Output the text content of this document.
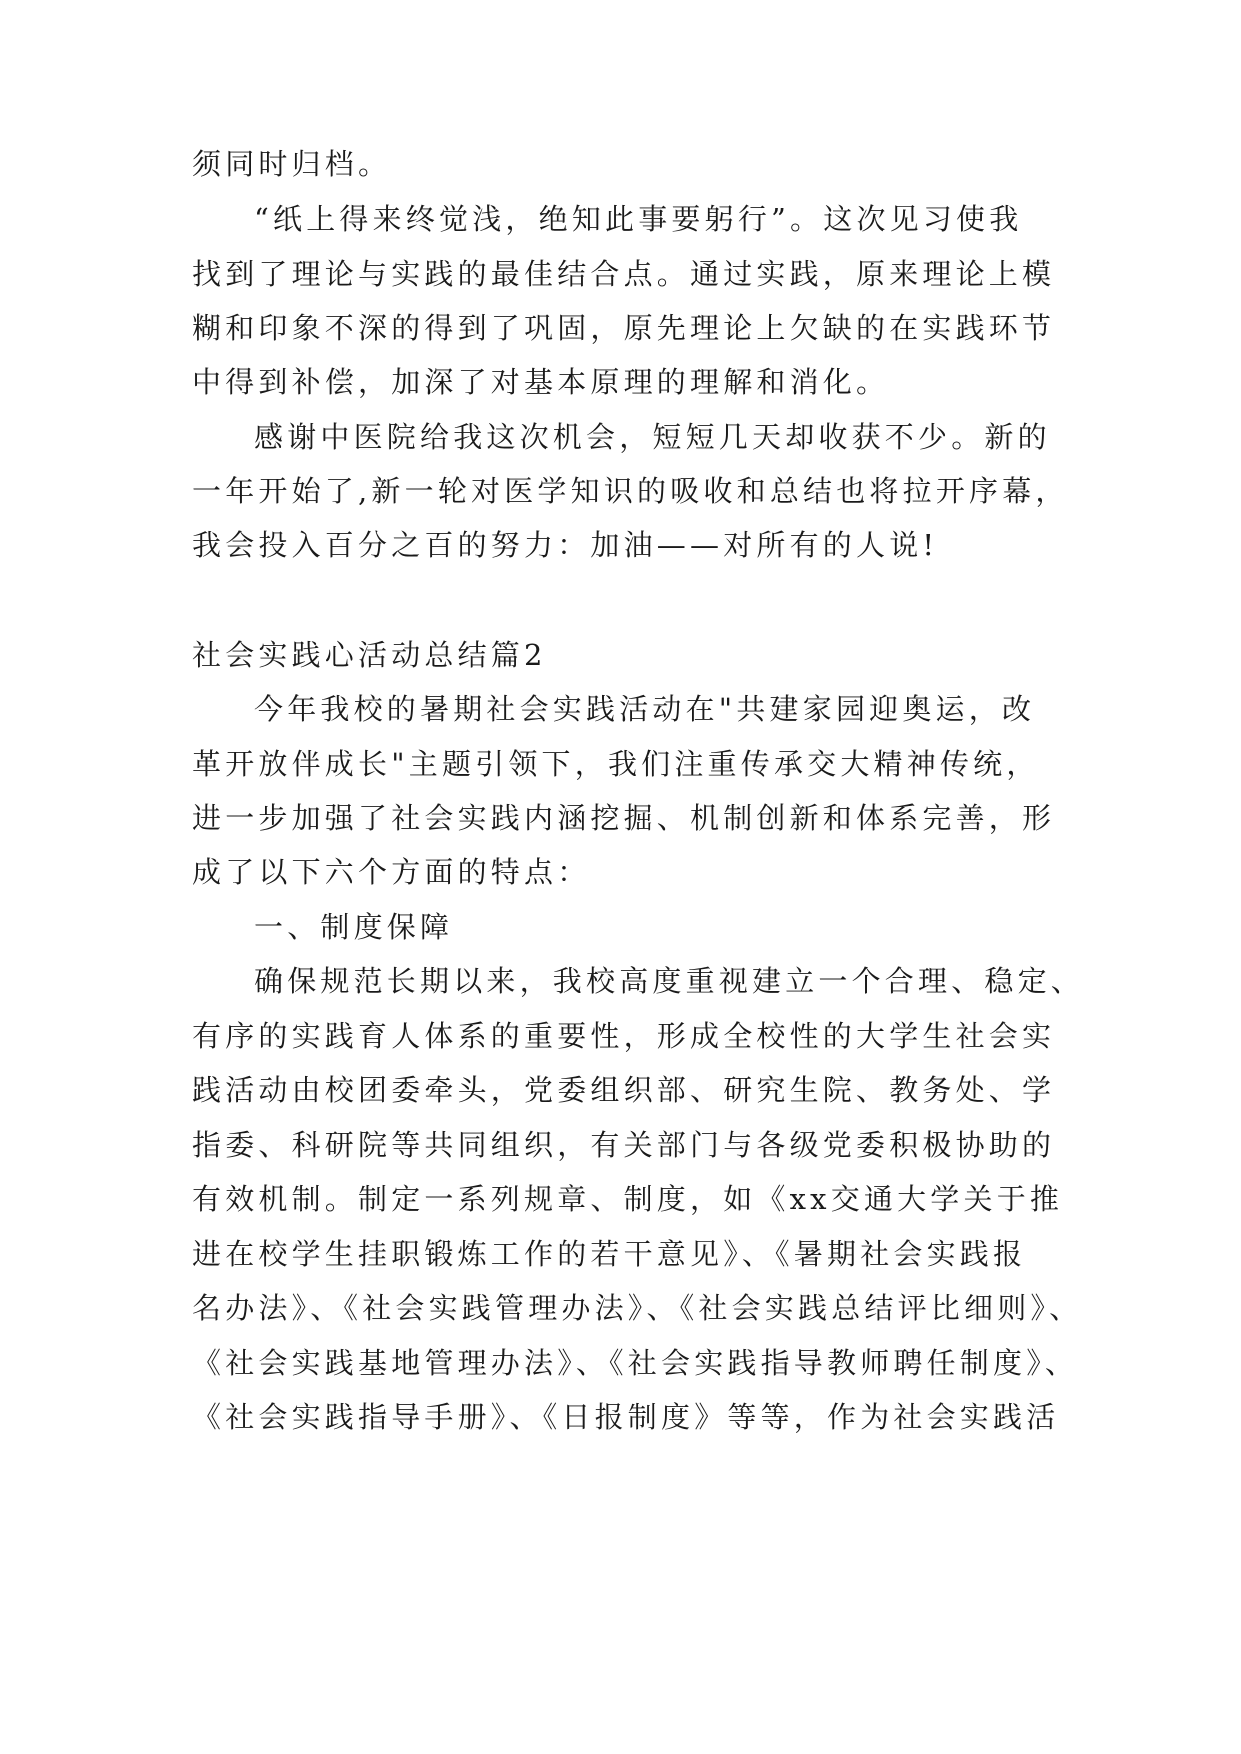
须同时归档。
“纸上得来终觉浅，绝知此事要躬行”。这次见习使我
找到了理论与实践的最佳结合点。通过实践，原来理论上模
糊和印象不深的得到了巩固，原先理论上欠缺的在实践环节
中得到补偿，加深了对基本原理的理解和消化。
感谢中医院给我这次机会，短短几天却收获不少。新的
一年开始了,新一轮对医学知识的吸收和总结也将拉开序幕，
我会投入百分之百的努力：加油——对所有的人说!
社会实践心活动总结篇2
今年我校的暑期社会实践活动在"共建家园迎奥运，改
革开放伴成长"主题引领下，我们注重传承交大精神传统，
进一步加强了社会实践内涵挖掘、机制创新和体系完善，形
成了以下六个方面的特点：
一、制度保障
确保规范长期以来，我校高度重视建立一个合理、稳定、
有序的实践育人体系的重要性，形成全校性的大学生社会实
践活动由校团委牵头，党委组织部、研究生院、教务处、学
指委、科研院等共同组织，有关部门与各级党委积极协助的
有效机制。制定一系列规章、制度，如《xx交通大学关于推
进在校学生挂职锻炼工作的若干意见》、《暑期社会实践报
名办法》、《社会实践管理办法》、《社会实践总结评比细则》、
《社会实践基地管理办法》、《社会实践指导教师聘任制度》、
《社会实践指导手册》、《日报制度》等等，作为社会实践活
